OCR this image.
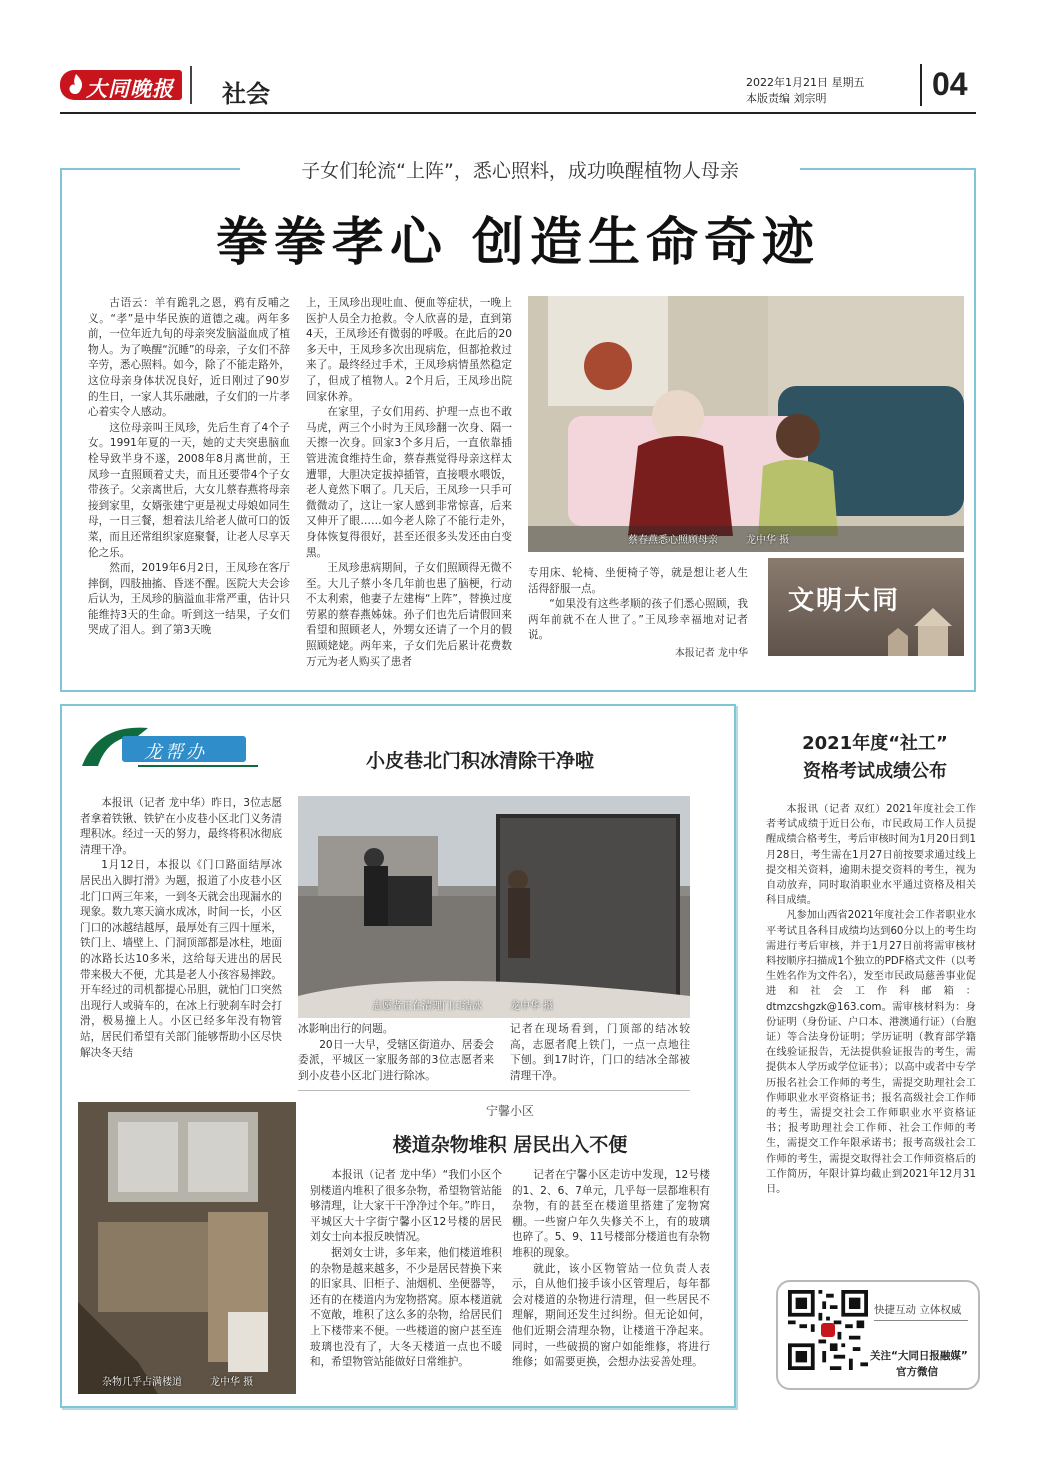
大同晚报 社会	2022年1月21日 星期五
本版责编 刘宗明	04
子女们轮流“上阵”，悉心照料，成功唤醒植物人母亲
拳拳孝心 创造生命奇迹

古语云：羊有跪乳之恩，鸦有反哺之义。“孝”是中华民族的道德之魂。两年多前，一位年近九旬的母亲突发脑溢血成了植物人。为了唤醒“沉睡”的母亲，子女们不辞辛劳，悉心照料。如今，除了不能走路外，这位母亲身体状况良好，近日刚过了90岁的生日，一家人其乐融融，子女们的一片孝心着实令人感动。

这位母亲叫王凤珍，先后生育了4个子女。1991年夏的一天，她的丈夫突患脑血栓导致半身不遂，2008年8月离世前，王凤珍一直照顾着丈夫，而且还要带4个子女带孩子。父亲离世后，大女儿蔡春燕将母亲接到家里，女婿张建宁更是视丈母娘如同生母，一日三餐，想着法儿给老人做可口的饭菜，而且还常组织家庭聚餐，让老人尽享天伦之乐。

然而，2019年6月2日，王凤珍在客厅摔倒，四肢抽搐、昏迷不醒。医院大夫会诊后认为，王凤珍的脑溢血非常严重，估计只能维持3天的生命。听到这一结果，子女们哭成了泪人。到了第3天晚

上，王凤珍出现吐血、便血等症状，一晚上医护人员全力抢救。令人欣喜的是，直到第4天，王凤珍还有微弱的呼吸。在此后的20多天中，王凤珍多次出现病危，但都抢救过来了。最终经过手术，王凤珍病情虽然稳定了，但成了植物人。2个月后，王凤珍出院回家休养。

在家里，子女们用药、护理一点也不敢马虎，两三个小时为王凤珍翻一次身、隔一天擦一次身。回家3个多月后，一直依靠插管进流食维持生命，蔡春燕觉得母亲这样太遭罪，大胆决定拔掉插管，直接喂水喂饭，老人竟然下咽了。几天后，王凤珍一只手可微微动了，这让一家人感到非常惊喜，后来又伸开了眼……如今老人除了不能行走外，身体恢复得很好，甚至还很多头发还由白变黑。

王凤珍患病期间，子女们照顾得无微不至。大儿子蔡小冬几年前也患了脑梗，行动不太利索，他妻子左建梅“上阵”，替换过度劳累的蔡春燕姊妹。孙子们也先后请假回来看望和照顾老人，外甥女还请了一个月的假照顾姥姥。两年来，子女们先后累计花费数万元为老人购买了患者

蔡春燕悉心照顾母亲	龙中华 摄

专用床、轮椅、坐便椅子等，就是想让老人生活得舒服一点。

“如果没有这些孝顺的孩子们悉心照顾，我两年前就不在人世了。”王凤珍幸福地对记者说。

本报记者 龙中华
文明大同
龙帮办	小皮巷北门积冰清除干净啦

本报讯（记者 龙中华）昨日，3位志愿者拿着铁锹、铁铲在小皮巷小区北门义务清理积冰。经过一天的努力，最终将积冰彻底清理干净。

1月12日，本报以《门口路面结厚冰 居民出入脚打滑》为题，报道了小皮巷小区北门口两三年来，一到冬天就会出现漏水的现象。数九寒天滴水成冰，时间一长，小区门口的冰越结越厚，最厚处有三四十厘米，铁门上、墙壁上、门洞顶部都是冰柱，地面的冰路长达10多米，这给每天进出的居民带来极大不便，尤其是老人小孩容易摔跤。开车经过的司机都提心吊胆，就怕门口突然出现行人或骑车的，在冰上行驶刹车时会打滑，极易撞上人。小区已经多年没有物管站，居民们希望有关部门能够帮助小区尽快解决冬天结

志愿者正在清理门口结冰	龙中华 摄

冰影响出行的问题。

20日一大早，受辖区街道办、居委会委派，平城区一家服务部的3位志愿者来到小皮巷小区北门进行除冰。

记者在现场看到，门顶部的结冰较高，志愿者爬上铁门，一点一点地往下刨。到17时许，门口的结冰全部被清理干净。

杂物几乎占满楼道	龙中华 摄
宁馨小区
楼道杂物堆积 居民出入不便

本报讯（记者 龙中华）“我们小区个别楼道内堆积了很多杂物，希望物管站能够清理，让大家干干净净过个年。”昨日，平城区大十字街宁馨小区12号楼的居民刘女士向本报反映情况。

据刘女士讲，多年来，他们楼道堆积的杂物是越来越多，不少是居民替换下来的旧家具、旧柜子、油烟机、坐便器等，还有的在楼道内为宠物搭窝。原本楼道就不宽敞，堆积了这么多的杂物，给居民们上下楼带来不便。一些楼道的窗户甚至连玻璃也没有了，大冬天楼道一点也不暖和，希望物管站能做好日常维护。

记者在宁馨小区走访中发现，12号楼的1、2、6、7单元，几乎每一层都堆积有杂物，有的甚至在楼道里搭建了宠物窝棚。一些窗户年久失修关不上，有的玻璃也碎了。5、9、11号楼部分楼道也有杂物堆积的现象。

就此，该小区物管站一位负责人表示，自从他们接手该小区管理后，每年都会对楼道的杂物进行清理，但一些居民不理解，期间还发生过纠纷。但无论如何，他们近期会清理杂物，让楼道干净起来。同时，一些破损的窗户如能维修，将进行维修；如需要更换，会想办法妥善处理。

2021年度“社工”
资格考试成绩公布

本报讯（记者 双红）2021年度社会工作者考试成绩于近日公布，市民政局工作人员提醒成绩合格考生，考后审核时间为1月20日到1月28日，考生需在1月27日前按要求通过线上提交相关资料，逾期未提交资料的考生，视为自动放弃，同时取消职业水平通过资格及相关科目成绩。

凡参加山西省2021年度社会工作者职业水平考试且各科目成绩均达到60分以上的考生均需进行考后审核，并于1月27日前将需审核材料按顺序扫描成1个独立的PDF格式文件（以考生姓名作为文件名），发至市民政局慈善事业促进和社会工作科邮箱：dtmzcshgzk@163.com。需审核材料为：身份证明（身份证、户口本、港澳通行证）（台胞证）等合法身份证明；学历证明（教育部学籍在线验证报告，无法提供验证报告的考生，需提供本人学历或学位证书）；以高中或者中专学历报名社会工作师的考生，需提交助理社会工作师职业水平资格证书；报名高级社会工作师的考生，需提交社会工作师职业水平资格证书；报考助理社会工作师、社会工作师的考生，需提交工作年限承诺书；报考高级社会工作师的考生，需提交取得社会工作师资格后的工作简历，年限计算均截止到2021年12月31日。

快捷互动 立体权威
关注“大同日报融媒”
官方微信
